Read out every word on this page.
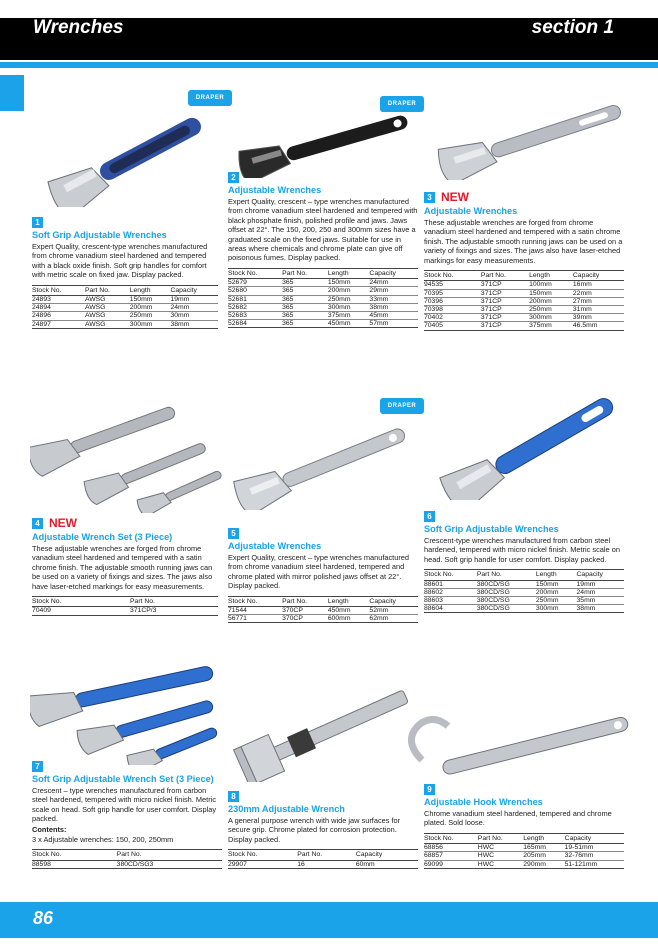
Wrenches	section 1
DRAPER
1
Soft Grip Adjustable Wrenches
Expert Quality, crescent-type wrenches manufactured from chrome vanadium steel hardened and tempered with a black oxide finish. Soft grip handles for comfort with metric scale on fixed jaw. Display packed.
Stock No.	Part No.	Length	Capacity
24893	AWSG	150mm	19mm
24894	AWSG	200mm	24mm
24896	AWSG	250mm	30mm
24897	AWSG	300mm	38mm
DRAPER
2
Adjustable Wrenches
Expert Quality, crescent – type wrenches manufactured from chrome vanadium steel hardened and tempered with black phosphate finish, polished profile and jaws. Jaws offset at 22°. The 150, 200, 250 and 300mm sizes have a graduated scale on the fixed jaws. Suitable for use in areas where chemicals and chrome plate can give off poisonous fumes. Display packed.
Stock No.	Part No.	Length	Capacity
52679	365	150mm	24mm
52680	365	200mm	29mm
52681	365	250mm	33mm
52682	365	300mm	38mm
52683	365	375mm	45mm
52684	365	450mm	57mm
3 NEW
Adjustable Wrenches
These adjustable wrenches are forged from chrome vanadium steel hardened and tempered with a satin chrome finish. The adjustable smooth running jaws can be used on a variety of fixings and sizes. The jaws also have laser-etched markings for easy measurements.
Stock No.	Part No.	Length	Capacity
94535	371CP	100mm	16mm
70395	371CP	150mm	22mm
70396	371CP	200mm	27mm
70398	371CP	250mm	31mm
70402	371CP	300mm	39mm
70405	371CP	375mm	46.5mm
4 NEW
Adjustable Wrench Set (3 Piece)
These adjustable wrenches are forged from chrome vanadium steel hardened and tempered with a satin chrome finish. The adjustable smooth running jaws can be used on a variety of fixings and sizes. The jaws also have laser-etched markings for easy measurements.
Stock No.	Part No.
70409	371CP/3
DRAPER
5
Adjustable Wrenches
Expert Quality, crescent – type wrenches manufactured from chrome vanadium steel hardened, tempered and chrome plated with mirror polished jaws offset at 22°. Display packed.
Stock No.	Part No.	Length	Capacity
71544	370CP	450mm	52mm
56771	370CP	600mm	62mm
6
Soft Grip Adjustable Wrenches
Crescent-type wrenches manufactured from carbon steel hardened, tempered with micro nickel finish. Metric scale on head. Soft grip handle for user comfort. Display packed.
Stock No.	Part No.	Length	Capacity
88601	380CD/SG	150mm	19mm
88602	380CD/SG	200mm	24mm
88603	380CD/SG	250mm	35mm
88604	380CD/SG	300mm	38mm
7
Soft Grip Adjustable Wrench Set (3 Piece)
Crescent – type wrenches manufactured from carbon steel hardened, tempered with micro nickel finish. Metric scale on head. Soft grip handle for user comfort. Display packed.
Contents:
3 x Adjustable wrenches: 150, 200, 250mm
Stock No.	Part No.
88598	380CD/SG3
8
230mm Adjustable Wrench
A general purpose wrench with wide jaw surfaces for secure grip. Chrome plated for corrosion protection. Display packed.
Stock No.	Part No.	Capacity
29907	16	60mm
9
Adjustable Hook Wrenches
Chrome vanadium steel hardened, tempered and chrome plated. Sold loose.
Stock No.	Part No.	Length	Capacity
68856	HWC	165mm	19-51mm
68857	HWC	205mm	32-76mm
69099	HWC	290mm	51-121mm
86
